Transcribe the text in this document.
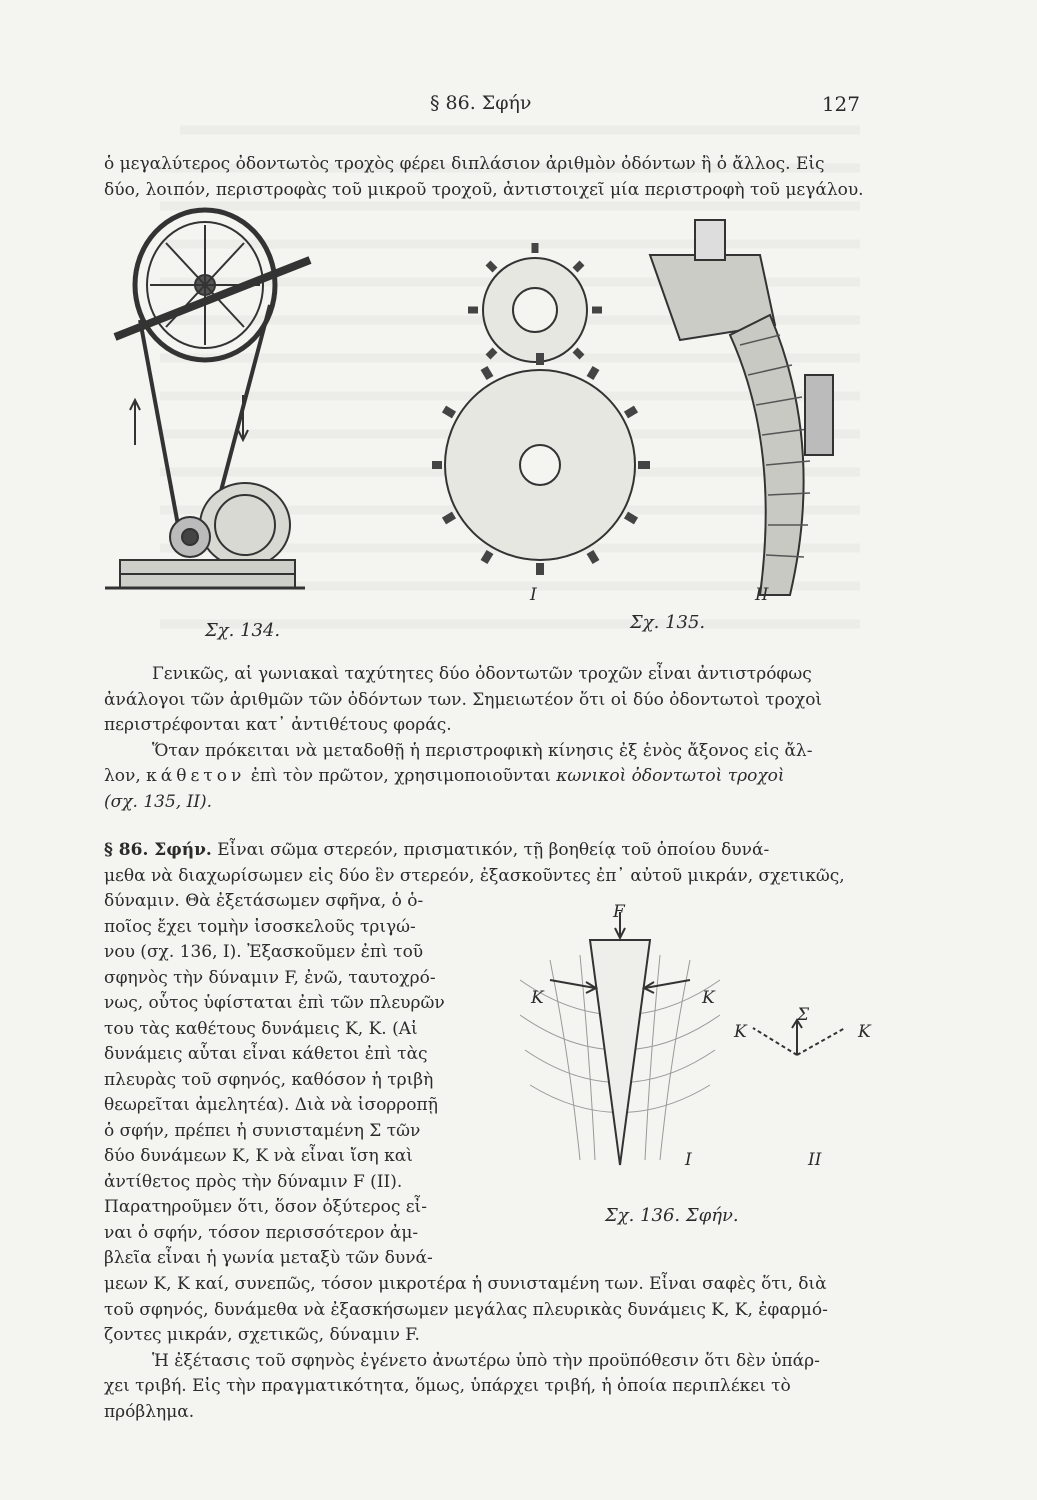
§ 86. Σφήν	127
ὁ μεγαλύτερος ὀδοντωτὸς τροχὸς φέρει διπλάσιον ἀριθμὸν ὀδόντων ἢ ὁ ἄλλος. Εἰς
δύο, λοιπόν, περιστροφὰς τοῦ μικροῦ τροχοῦ, ἀντιστοιχεῖ μία περιστροφὴ τοῦ μεγάλου.
Σχ. 134.
I	II
Σχ. 135.
Γενικῶς, αἱ γωνιακαὶ ταχύτητες δύο ὀδοντωτῶν τροχῶν εἶναι ἀντιστρόφως
ἀνάλογοι τῶν ἀριθμῶν τῶν ὀδόντων των. Σημειωτέον ὅτι οἱ δύο ὀδοντωτοὶ τροχοὶ
περιστρέφονται κατ᾽ ἀντιθέτους φοράς.
Ὅταν πρόκειται νὰ μεταδοθῇ ἡ περιστροφικὴ κίνησις ἐξ ἑνὸς ἄξονος εἰς ἄλ-
λον, κάθετον ἐπὶ τὸν πρῶτον, χρησιμοποιοῦνται κωνικοὶ ὀδοντωτοὶ τροχοὶ
(σχ. 135, II).
§ 86. Σφήν. Εἶναι σῶμα στερεόν, πρισματικόν, τῇ βοηθείᾳ τοῦ ὁποίου δυνά-
μεθα νὰ διαχωρίσωμεν εἰς δύο ἓν στερεόν, ἐξασκοῦντες ἐπ᾽ αὐτοῦ μικράν, σχετικῶς,
δύναμιν. Θὰ ἐξετάσωμεν σφῆνα, ὁ ὁ-
ποῖος ἔχει τομὴν ἰσοσκελοῦς τριγώ-
νου (σχ. 136, I). Ἐξασκοῦμεν ἐπὶ τοῦ
σφηνὸς τὴν δύναμιν F, ἐνῶ, ταυτοχρό-
νως, οὗτος ὑφίσταται ἐπὶ τῶν πλευρῶν
του τὰς καθέτους δυνάμεις K, K. (Αἱ
δυνάμεις αὗται εἶναι κάθετοι ἐπὶ τὰς
πλευρὰς τοῦ σφηνός, καθόσον ἡ τριβὴ
θεωρεῖται ἀμελητέα). Διὰ νὰ ἰσορροπῇ
ὁ σφήν, πρέπει ἡ συνισταμένη Σ τῶν
δύο δυνάμεων K, K νὰ εἶναι ἴση καὶ
ἀντίθετος πρὸς τὴν δύναμιν F (II).
Παρατηροῦμεν ὅτι, ὅσον ὀξύτερος εἶ-
ναι ὁ σφήν, τόσον περισσότερον ἀμ-
βλεῖα εἶναι ἡ γωνία μεταξὺ τῶν δυνά-
F
K	K
K
Σ
K
I	II
Σχ. 136. Σφήν.
μεων K, K καί, συνεπῶς, τόσον μικροτέρα ἡ συνισταμένη των. Εἶναι σαφὲς ὅτι, διὰ
τοῦ σφηνός, δυνάμεθα νὰ ἐξασκήσωμεν μεγάλας πλευρικὰς δυνάμεις K, K, ἐφαρμό-
ζοντες μικράν, σχετικῶς, δύναμιν F.
Ἡ ἐξέτασις τοῦ σφηνὸς ἐγένετο ἀνωτέρω ὑπὸ τὴν προϋπόθεσιν ὅτι δὲν ὑπάρ-
χει τριβή. Εἰς τὴν πραγματικότητα, ὅμως, ὑπάρχει τριβή, ἡ ὁποία περιπλέκει τὸ
πρόβλημα.
